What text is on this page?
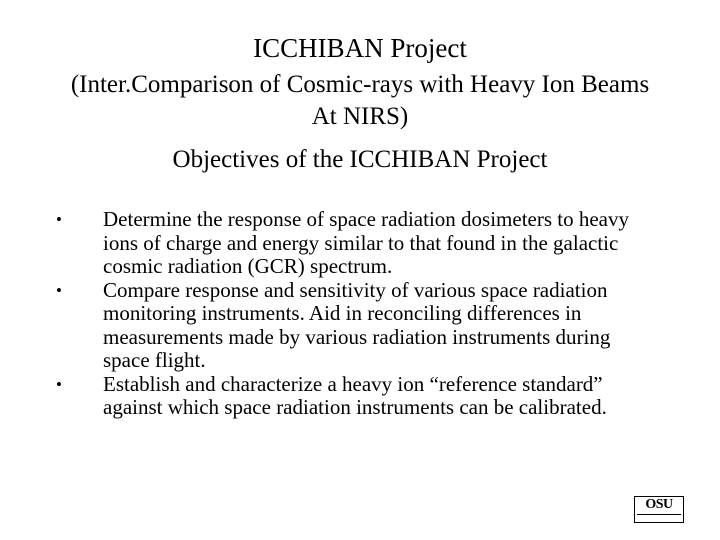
ICCHIBAN Project
(Inter.Comparison of Cosmic-rays with Heavy Ion Beams At NIRS)
Objectives of the ICCHIBAN Project
• Determine the response of space radiation dosimeters to heavy ions of charge and energy similar to that found in the galactic cosmic radiation (GCR) spectrum.
• Compare response and sensitivity of various space radiation monitoring instruments. Aid in reconciling differences in measurements made by various radiation instruments during space flight.
• Establish and characterize a heavy ion “reference standard” against which space radiation instruments can be calibrated.
OSU
